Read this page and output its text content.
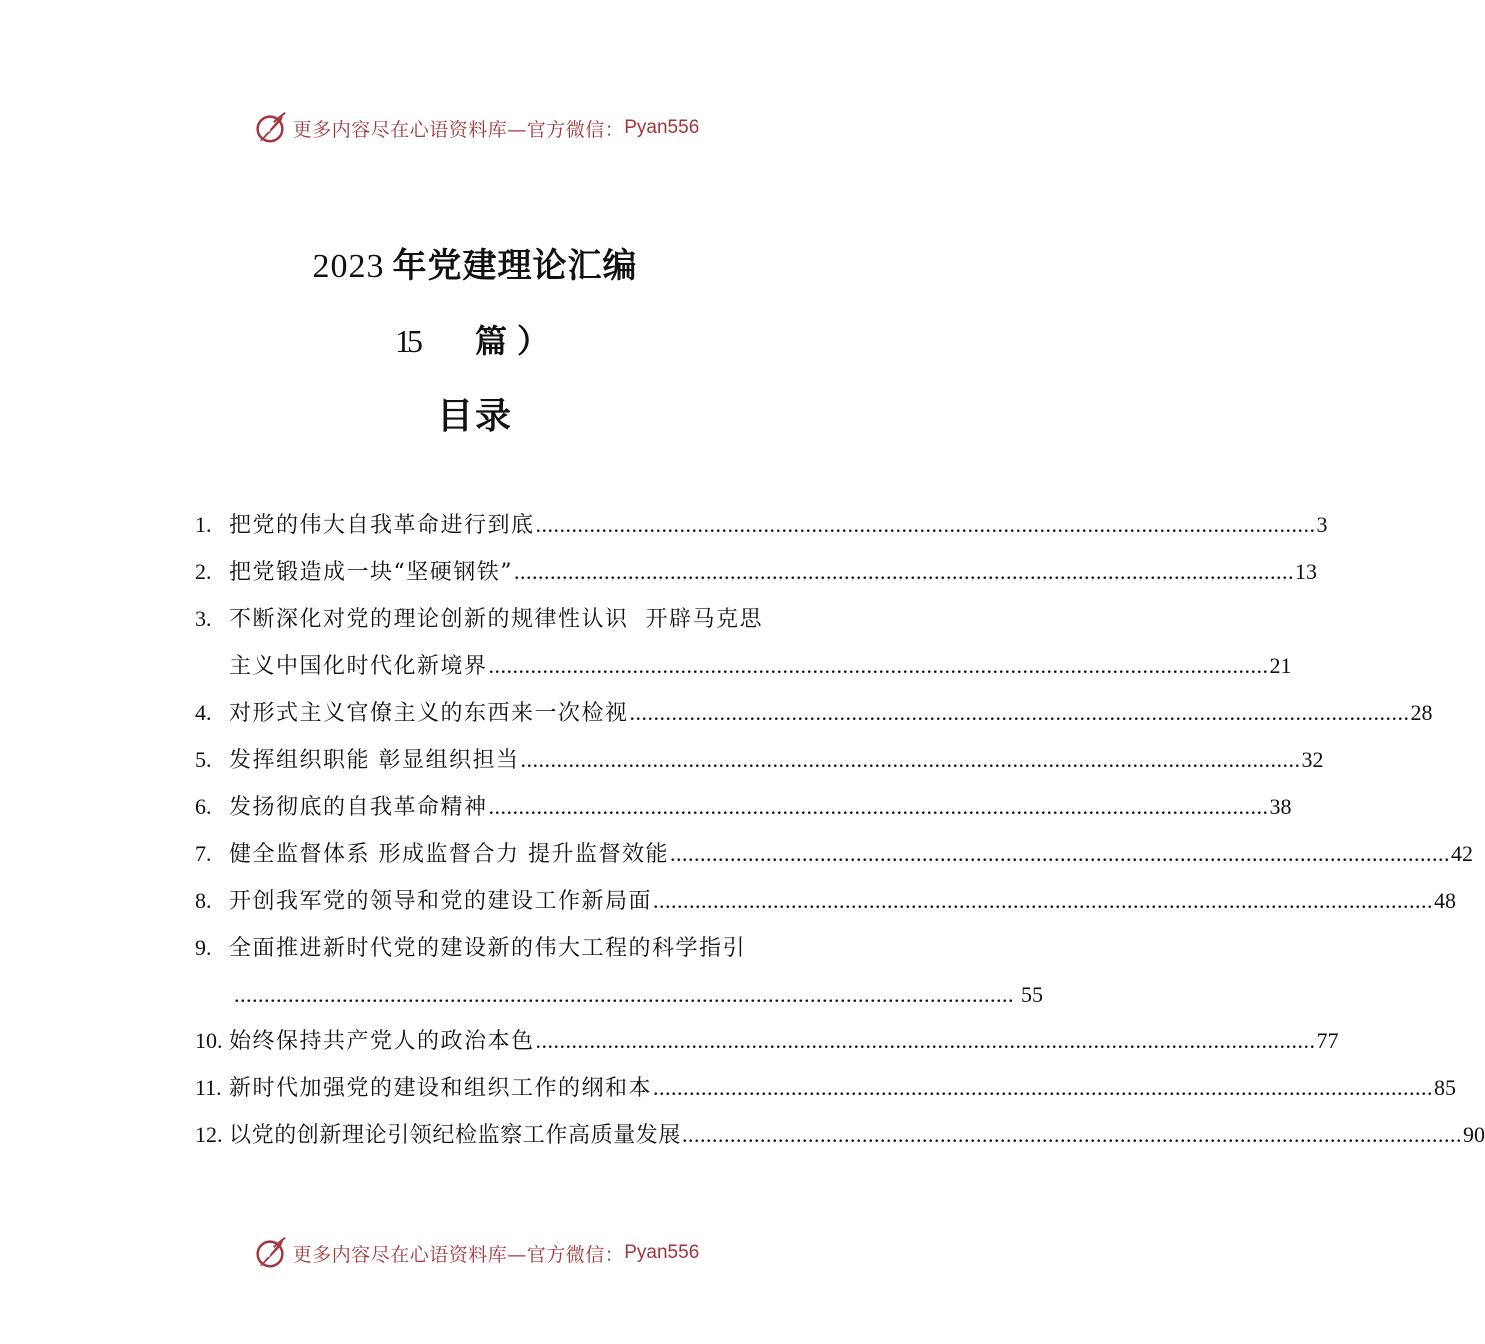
更多内容尽在心语资料库—官方微信： Pyan556
2023 年党建理论汇编
15	篇 ）
目录
1. 把党的伟大自我革命进行到底 .................................................................................................................................. 3
2. 把党锻造成一块“坚硬钢铁” .................................................................................................................................. 13
3. 不断深化对党的理论创新的规律性认识  开辟马克思
主义中国化时代化新境界 .................................................................................................................................. 21
4. 对形式主义官僚主义的东西来一次检视 .................................................................................................................................. 28
5. 发挥组织职能 彰显组织担当 .................................................................................................................................. 32
6. 发扬彻底的自我革命精神 .................................................................................................................................. 38
7. 健全监督体系 形成监督合力 提升监督效能 .................................................................................................................................. 42
8. 开创我军党的领导和党的建设工作新局面 .................................................................................................................................. 48
9. 全面推进新时代党的建设新的伟大工程的科学指引
.................................................................................................................................. 55
10. 始终保持共产党人的政治本色 .................................................................................................................................. 77
11. 新时代加强党的建设和组织工作的纲和本 .................................................................................................................................. 85
12. 以党的创新理论引领纪检监察工作高质量发展 .................................................................................................................................. 90
更多内容尽在心语资料库—官方微信： Pyan556
